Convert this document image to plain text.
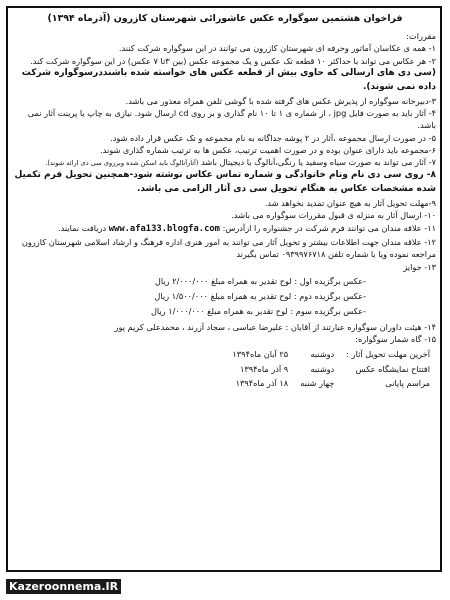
فراخوان هشتمین سوگواره عکس عاشورائی شهرستان کازرون (آذرماه ۱۳۹۴)

مقررات:

۱- همه ی عکاسان آماتور وحرفه ای شهرستان کازرون می توانند در این سوگواره شرکت کنند.

۲- هر عکاس می تواند با حداکثر ۱۰ قطعه تک عکس و یک مجموعه عکس (بین ۳تا ۷ عکس) در این سوگواره شرکت کند.

(سی دی های ارسالی که حاوی بیش از قطعه عکس های خواسته شده باشنددرسوگواره شرکت داده نمی شوند).

۳-دبیرخانه سوگواره از پذیرش عکس های گرفته شده با گوشی تلفن همراه معذور می باشد.

۴- آثار باید به صورت فایل jpg ، از شماره ی ۱ تا ۱۰ نام گذاری و بر روی cd ارسال شود. نیازی به چاپ یا پرینت آثار نمی باشد.

۵- در صورت ارسال مجموعه ،آثار در ۲ پوشه جداگانه به نام مجموعه و تک عکس قرار داده شود.

۶-مجموعه باید دارای عنوان بوده و در صورت اهمیت ترتیب، عکس ها به ترتیب شماره گذاری شوند.

۷- آثار می تواند به صورت سیاه وسفید یا رنگی،آنالوگ یا دیجیتال باشد (آثارآنالوگ باید اسکن شده وبرروی سی دی ارائه شوند).

۸- روی سی دی نام ونام خانوادگی و شماره تماس عکاس نوشته شود-همچنین تحویل فرم تکمیل شده مشخصات عکاس به هنگام تحویل سی دی آثار الزامی می باشد.

۹-مهلت تحویل آثار به هیچ عنوان تمدید نخواهد شد.

۱۰- ارسال آثار به منزله ی قبول مقررات سوگواره می باشد.

۱۱- علاقه مندان می توانند فرم شرکت در جشنواره را ازآدرس: www.afa133.blogfa.com دریافت نمایند.

۱۲- علاقه مندان جهت اطلاعات بیشتر و تحویل آثار می توانند به امور هنری اداره فرهنگ و ارشاد اسلامی شهرستان کازرون مراجعه نموده ویا با شماره تلفن ۰۹۳۹۹۷۶۷۱۸ تماس بگیرند

۱۳- جوایز

-عکس برگزیده اول : لوح تقدیر به همراه مبلغ ۲/۰۰۰/۰۰۰ ریال

-عکس برگزیده دوم : لوح تقدیر به همراه مبلغ ۱/۵۰۰/۰۰۰ ریال

-عکس برگزیده سوم : لوح تقدیر به همراه مبلغ ۱/۰۰۰/۰۰۰ ریال

۱۴- هیئت داوران سوگواره عبارتند از آقایان : علیرضا عباسی ، سجاد آزرند ، محمدعلی کریم پور

۱۵- گاه شمار سوگواره:

آخرین مهلت تحویل آثار :	دوشنبه	۲۵ آبان ماه۱۳۹۴
افتتاح نمایشگاه عکس	دوشنبه	۹ آذر ماه۱۳۹۴
مراسم پایانی	چهار شنبه	۱۸ آذر ماه۱۳۹۴
Kazeroonnema.IR
